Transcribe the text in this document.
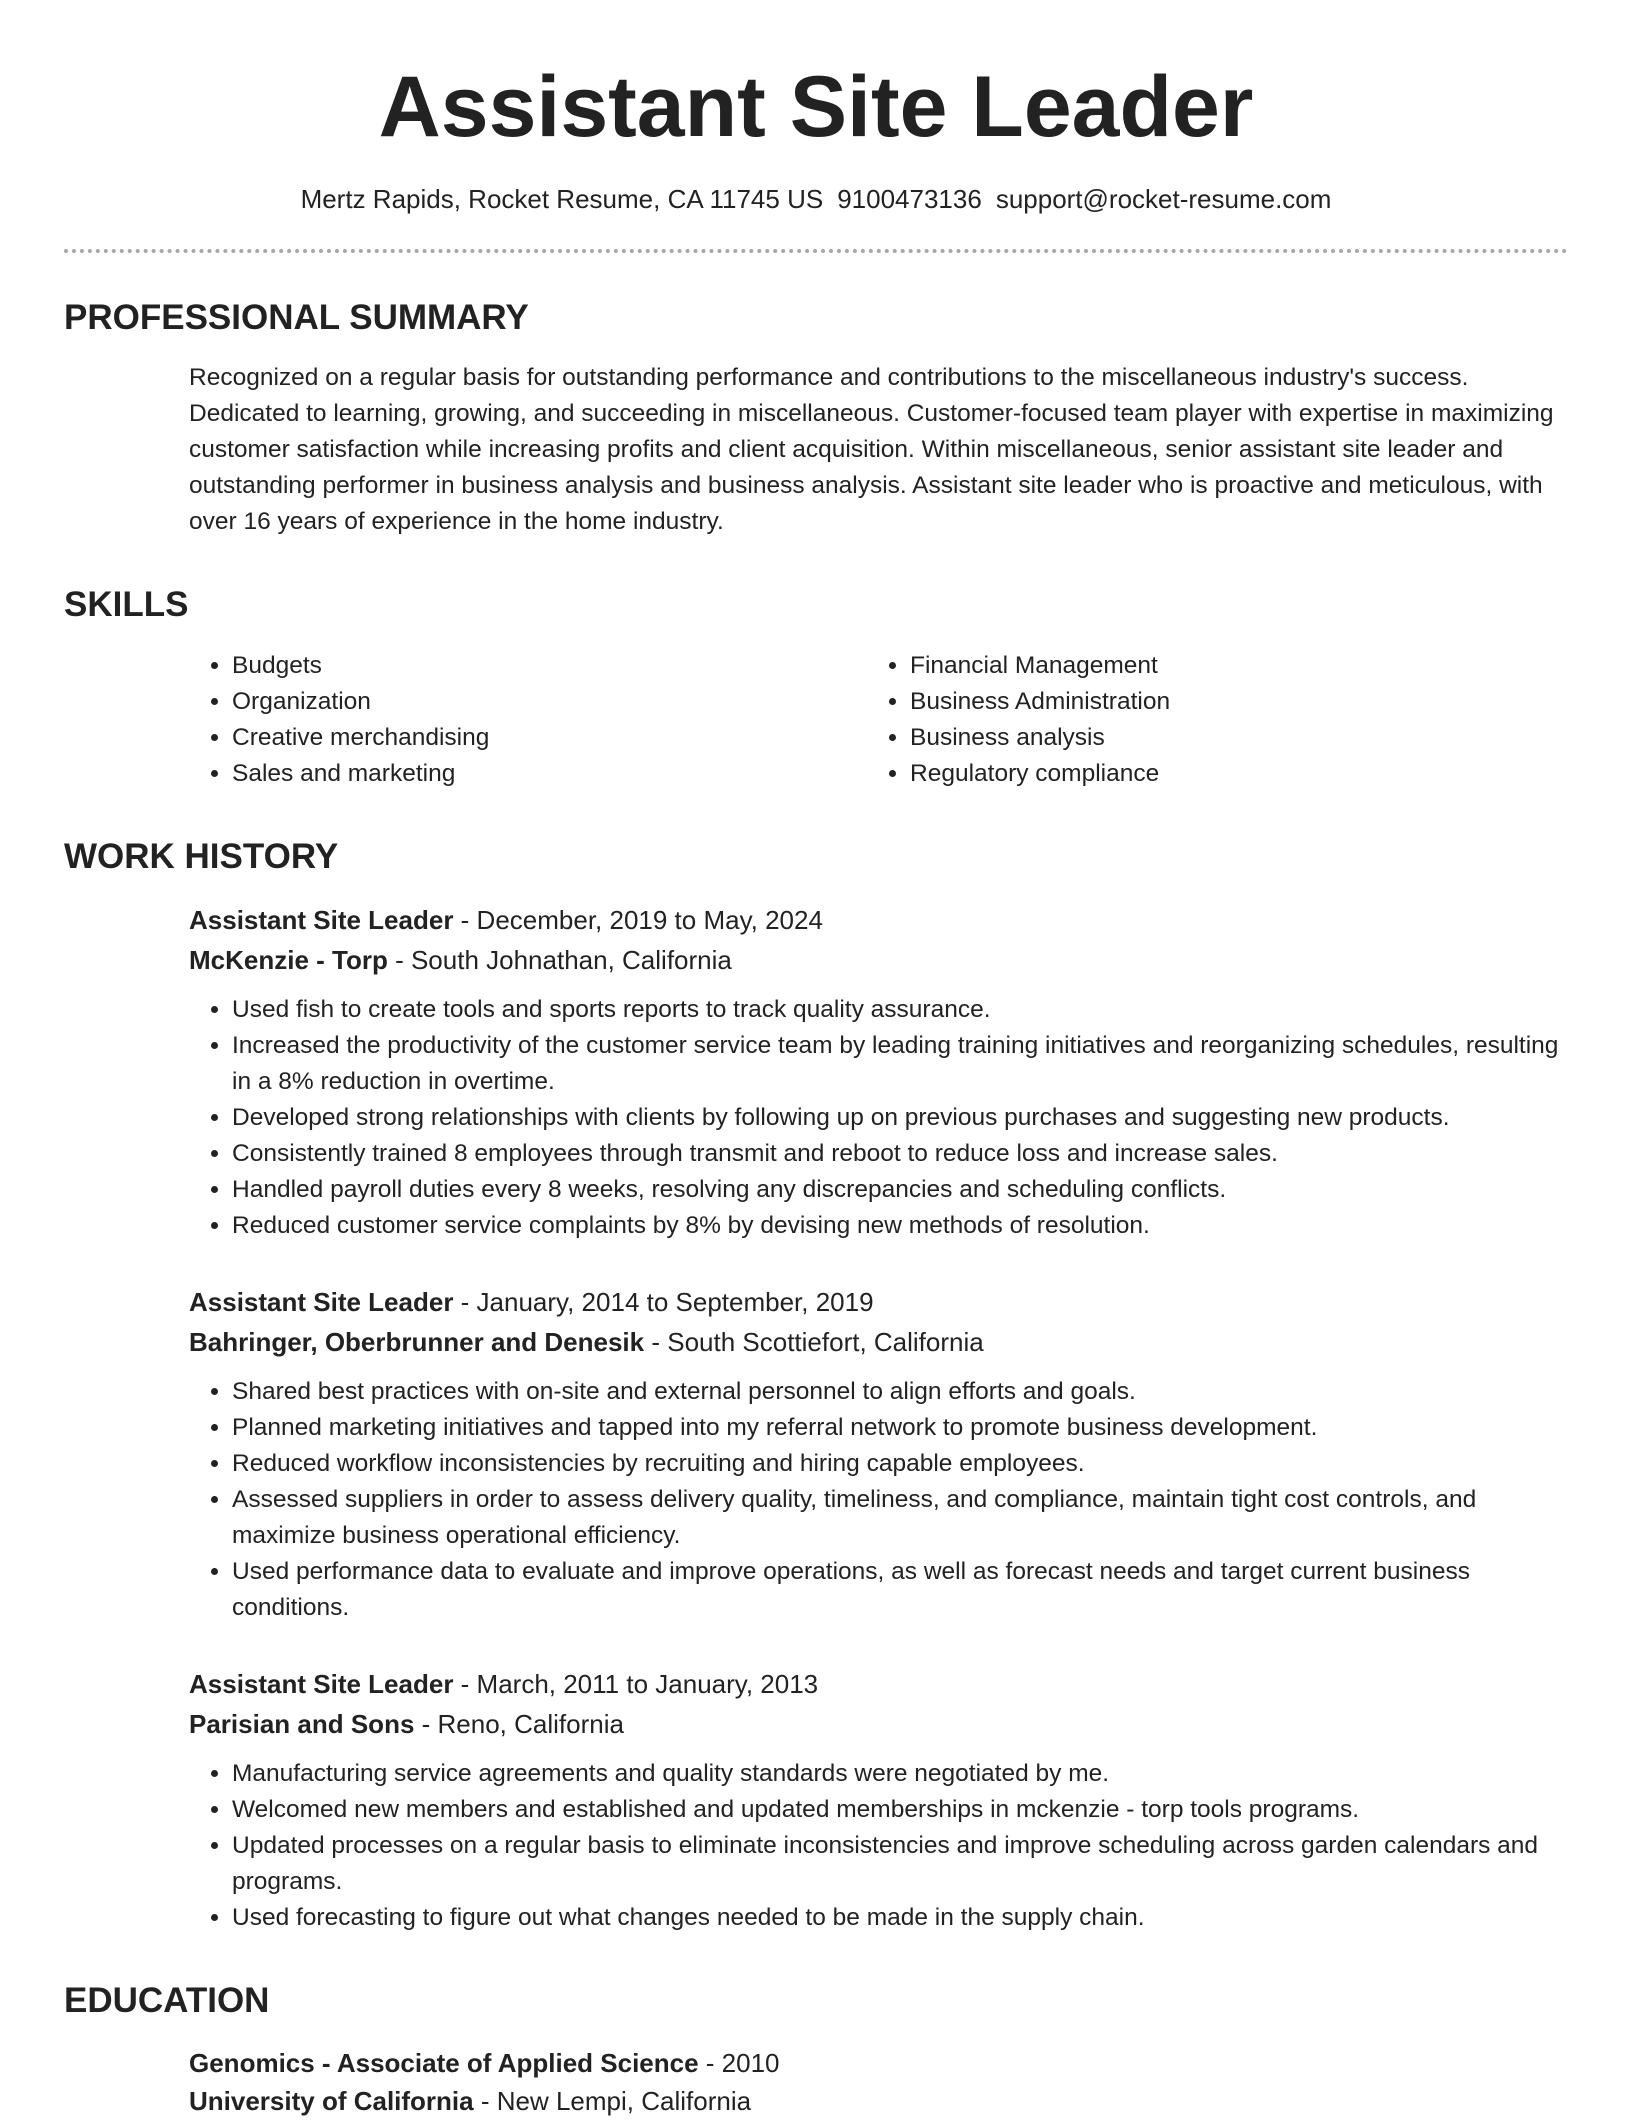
Assistant Site Leader
Mertz Rapids, Rocket Resume, CA 11745 US 9100473136 support@rocket-resume.com
PROFESSIONAL SUMMARY
Recognized on a regular basis for outstanding performance and contributions to the miscellaneous industry's success. Dedicated to learning, growing, and succeeding in miscellaneous. Customer-focused team player with expertise in maximizing customer satisfaction while increasing profits and client acquisition. Within miscellaneous, senior assistant site leader and outstanding performer in business analysis and business analysis. Assistant site leader who is proactive and meticulous, with over 16 years of experience in the home industry.
SKILLS
• Budgets
• Organization
• Creative merchandising
• Sales and marketing
• Financial Management
• Business Administration
• Business analysis
• Regulatory compliance
WORK HISTORY
Assistant Site Leader - December, 2019 to May, 2024
McKenzie - Torp - South Johnathan, California
• Used fish to create tools and sports reports to track quality assurance.
• Increased the productivity of the customer service team by leading training initiatives and reorganizing schedules, resulting in a 8% reduction in overtime.
• Developed strong relationships with clients by following up on previous purchases and suggesting new products.
• Consistently trained 8 employees through transmit and reboot to reduce loss and increase sales.
• Handled payroll duties every 8 weeks, resolving any discrepancies and scheduling conflicts.
• Reduced customer service complaints by 8% by devising new methods of resolution.
Assistant Site Leader - January, 2014 to September, 2019
Bahringer, Oberbrunner and Denesik - South Scottiefort, California
• Shared best practices with on-site and external personnel to align efforts and goals.
• Planned marketing initiatives and tapped into my referral network to promote business development.
• Reduced workflow inconsistencies by recruiting and hiring capable employees.
• Assessed suppliers in order to assess delivery quality, timeliness, and compliance, maintain tight cost controls, and maximize business operational efficiency.
• Used performance data to evaluate and improve operations, as well as forecast needs and target current business conditions.
Assistant Site Leader - March, 2011 to January, 2013
Parisian and Sons - Reno, California
• Manufacturing service agreements and quality standards were negotiated by me.
• Welcomed new members and established and updated memberships in mckenzie - torp tools programs.
• Updated processes on a regular basis to eliminate inconsistencies and improve scheduling across garden calendars and programs.
• Used forecasting to figure out what changes needed to be made in the supply chain.
EDUCATION
Genomics - Associate of Applied Science - 2010
University of California - New Lempi, California
